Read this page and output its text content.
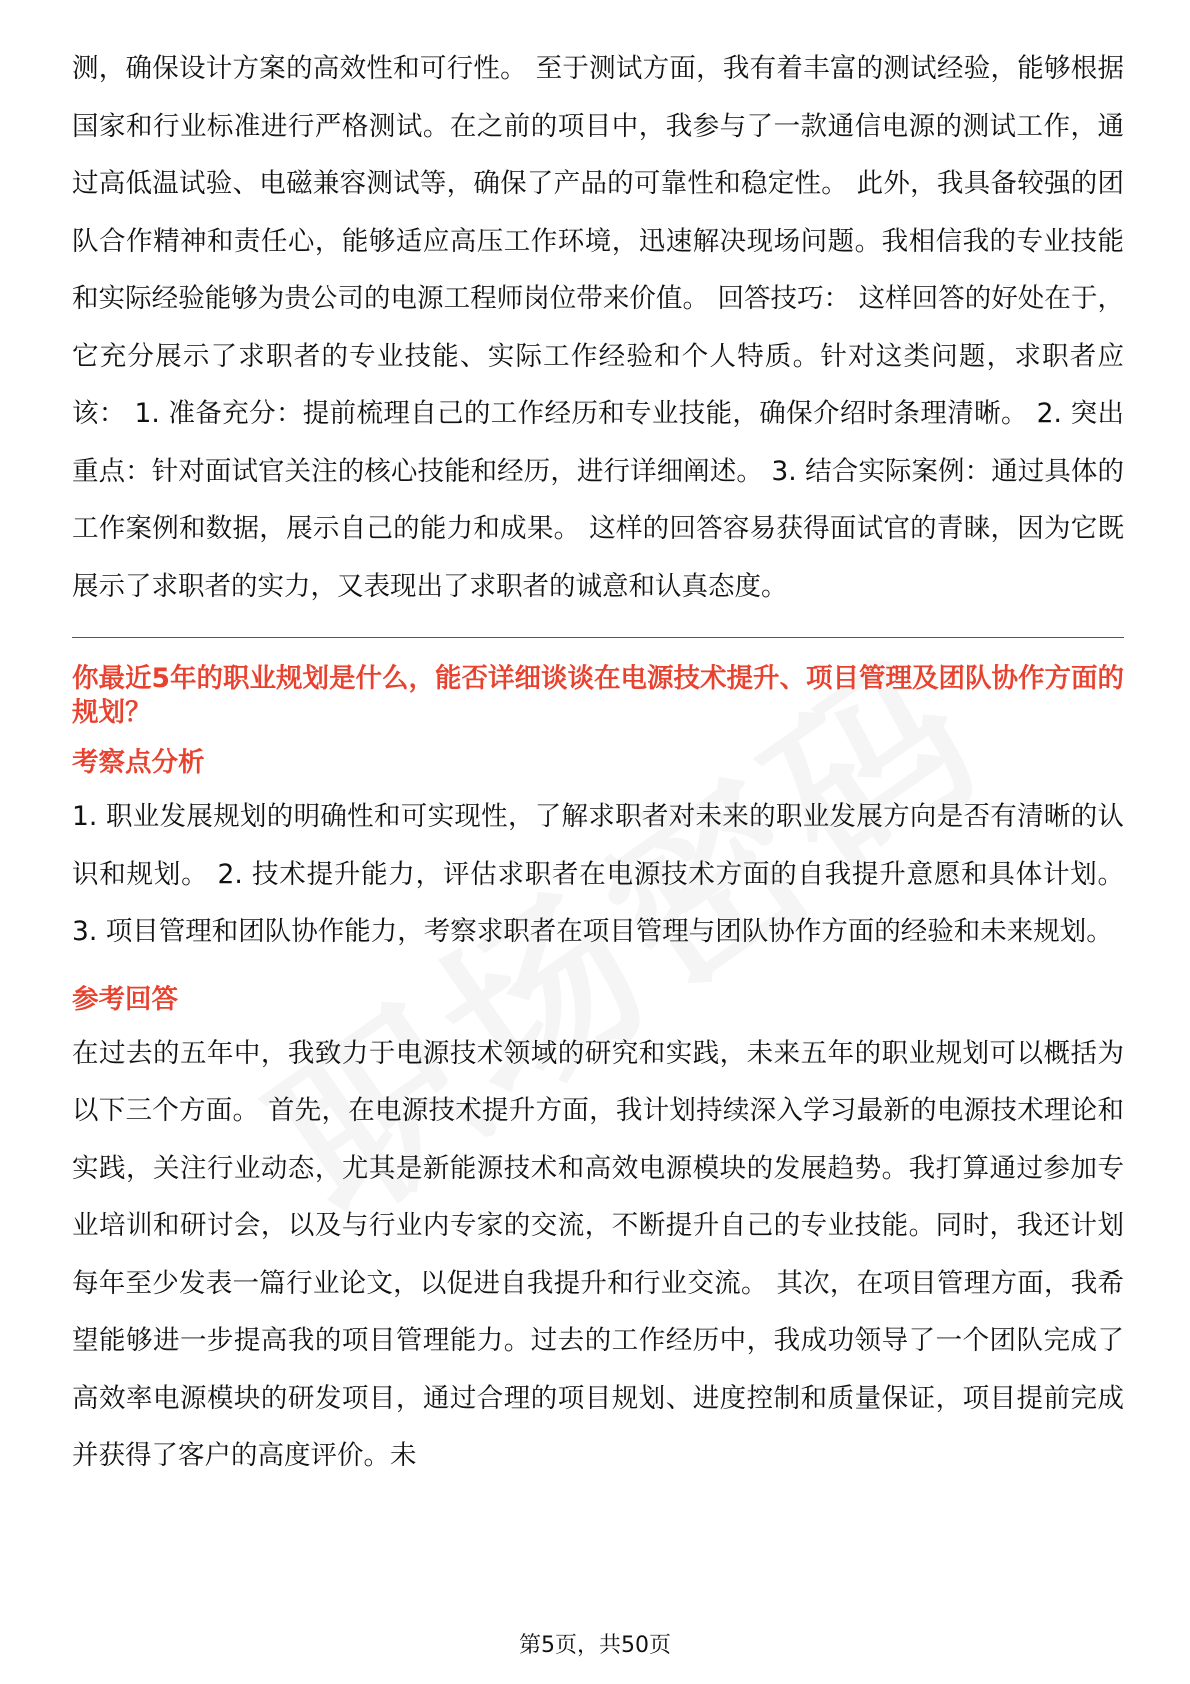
测，确保设计方案的高效性和可行性。 至于测试方面，我有着丰富的测试经验，能够根据国家和行业标准进行严格测试。在之前的项目中，我参与了一款通信电源的测试工作，通过高低温试验、电磁兼容测试等，确保了产品的可靠性和稳定性。 此外，我具备较强的团队合作精神和责任心，能够适应高压工作环境，迅速解决现场问题。我相信我的专业技能和实际经验能够为贵公司的电源工程师岗位带来价值。 回答技巧： 这样回答的好处在于，它充分展示了求职者的专业技能、实际工作经验和个人特质。针对这类问题，求职者应该： 1. 准备充分：提前梳理自己的工作经历和专业技能，确保介绍时条理清晰。 2. 突出重点：针对面试官关注的核心技能和经历，进行详细阐述。 3. 结合实际案例：通过具体的工作案例和数据，展示自己的能力和成果。 这样的回答容易获得面试官的青睐，因为它既展示了求职者的实力，又表现出了求职者的诚意和认真态度。

你最近5年的职业规划是什么，能否详细谈谈在电源技术提升、项目管理及团队协作方面的规划？

考察点分析

1. 职业发展规划的明确性和可实现性，了解求职者对未来的职业发展方向是否有清晰的认识和规划。 2. 技术提升能力，评估求职者在电源技术方面的自我提升意愿和具体计划。 3. 项目管理和团队协作能力，考察求职者在项目管理与团队协作方面的经验和未来规划。

参考回答

在过去的五年中，我致力于电源技术领域的研究和实践，未来五年的职业规划可以概括为以下三个方面。 首先，在电源技术提升方面，我计划持续深入学习最新的电源技术理论和实践，关注行业动态，尤其是新能源技术和高效电源模块的发展趋势。我打算通过参加专业培训和研讨会，以及与行业内专家的交流，不断提升自己的专业技能。同时，我还计划每年至少发表一篇行业论文，以促进自我提升和行业交流。 其次，在项目管理方面，我希望能够进一步提高我的项目管理能力。过去的工作经历中，我成功领导了一个团队完成了高效率电源模块的研发项目，通过合理的项目规划、进度控制和质量保证，项目提前完成并获得了客户的高度评价。未

第5页，共50页
